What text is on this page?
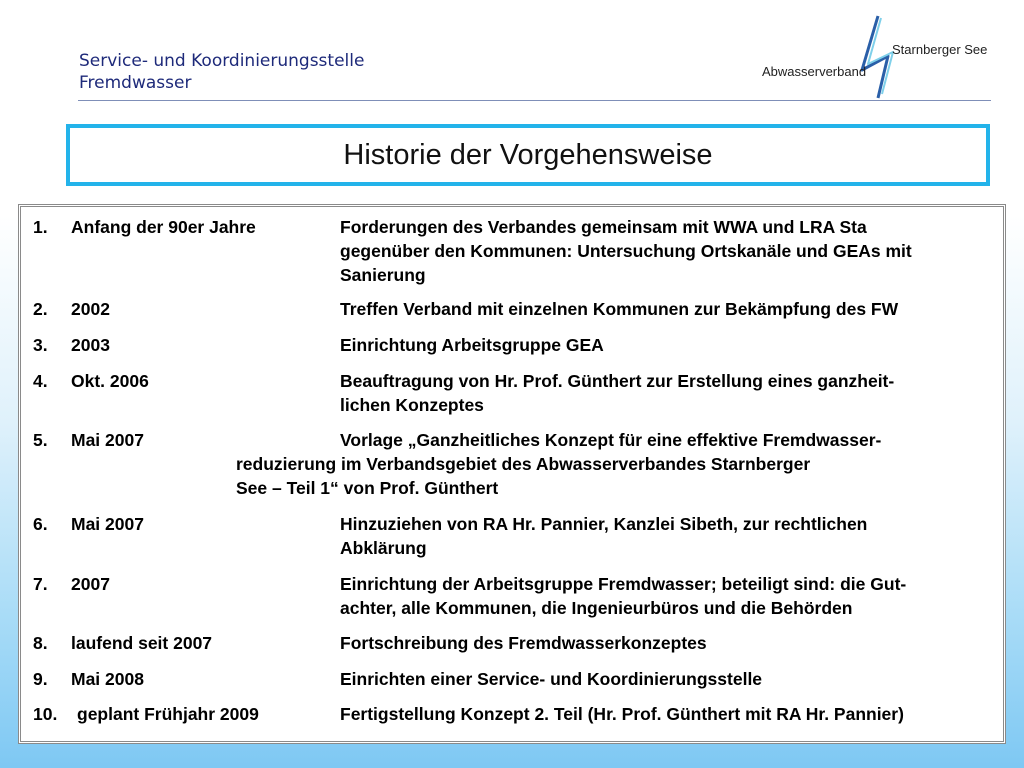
Service- und Koordinierungsstelle
Fremdwasser
Starnberger See
Abwasserverband
Historie der Vorgehensweise
1. Anfang der 90er Jahre	Forderungen des Verbandes gemeinsam mit WWA und LRA Sta
gegenüber den Kommunen: Untersuchung Ortskanäle und GEAs mit
Sanierung
2. 2002	Treffen Verband mit einzelnen Kommunen zur Bekämpfung des FW
3. 2003	Einrichtung Arbeitsgruppe GEA
4. Okt. 2006	Beauftragung von Hr. Prof. Günthert zur Erstellung eines ganzheit-
lichen Konzeptes
5. Mai 2007	Vorlage „Ganzheitliches Konzept für eine effektive Fremdwasser-
reduzierung im Verbandsgebiet des Abwasserverbandes Starnberger
See – Teil 1“ von Prof. Günthert
6. Mai 2007	Hinzuziehen von RA Hr. Pannier, Kanzlei Sibeth, zur rechtlichen
Abklärung
7. 2007	Einrichtung der Arbeitsgruppe Fremdwasser; beteiligt sind: die Gut-
achter, alle Kommunen, die Ingenieurbüros und die Behörden
8. laufend seit 2007	Fortschreibung des Fremdwasserkonzeptes
9. Mai 2008	Einrichten einer Service- und Koordinierungsstelle
10. geplant Frühjahr 2009	Fertigstellung Konzept 2. Teil (Hr. Prof. Günthert mit RA Hr. Pannier)
